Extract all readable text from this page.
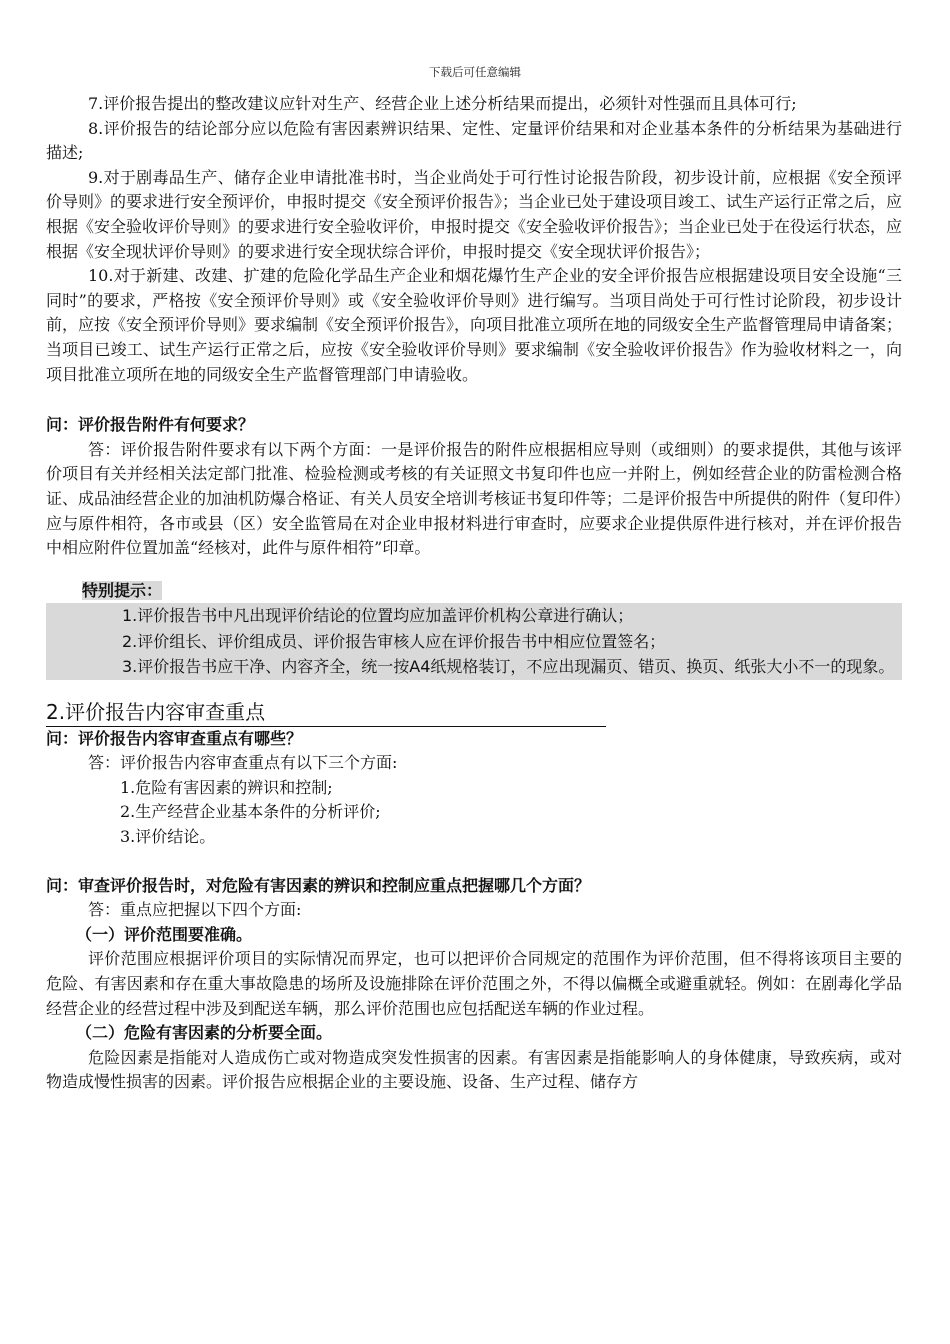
下载后可任意编辑

7.评价报告提出的整改建议应针对生产、经营企业上述分析结果而提出，必须针对性强而且具体可行;

8.评价报告的结论部分应以危险有害因素辨识结果、定性、定量评价结果和对企业基本条件的分析结果为基础进行描述;

9.对于剧毒品生产、储存企业申请批准书时，当企业尚处于可行性讨论报告阶段，初步设计前，应根据《安全预评价导则》的要求进行安全预评价，申报时提交《安全预评价报告》；当企业已处于建设项目竣工、试生产运行正常之后，应根据《安全验收评价导则》的要求进行安全验收评价，申报时提交《安全验收评价报告》；当企业已处于在役运行状态，应根据《安全现状评价导则》的要求进行安全现状综合评价，申报时提交《安全现状评价报告》；

10.对于新建、改建、扩建的危险化学品生产企业和烟花爆竹生产企业的安全评价报告应根据建设项目安全设施“三同时”的要求，严格按《安全预评价导则》或《安全验收评价导则》进行编写。当项目尚处于可行性讨论阶段，初步设计前，应按《安全预评价导则》要求编制《安全预评价报告》，向项目批准立项所在地的同级安全生产监督管理局申请备案；当项目已竣工、试生产运行正常之后，应按《安全验收评价导则》要求编制《安全验收评价报告》作为验收材料之一，向项目批准立项所在地的同级安全生产监督管理部门申请验收。

问：评价报告附件有何要求？

答：评价报告附件要求有以下两个方面：一是评价报告的附件应根据相应导则（或细则）的要求提供，其他与该评价项目有关并经相关法定部门批准、检验检测或考核的有关证照文书复印件也应一并附上，例如经营企业的防雷检测合格证、成品油经营企业的加油机防爆合格证、有关人员安全培训考核证书复印件等；二是评价报告中所提供的附件（复印件）应与原件相符，各市或县（区）安全监管局在对企业申报材料进行审查时，应要求企业提供原件进行核对，并在评价报告中相应附件位置加盖“经核对，此件与原件相符”印章。

特别提示：
1.评价报告书中凡出现评价结论的位置均应加盖评价机构公章进行确认；
2.评价组长、评价组成员、评价报告审核人应在评价报告书中相应位置签名；
3.评价报告书应干净、内容齐全，统一按A4纸规格装订，不应出现漏页、错页、换页、纸张大小不一的现象。
2.评价报告内容审查重点

问：评价报告内容审查重点有哪些？

答：评价报告内容审查重点有以下三个方面:

1.危险有害因素的辨识和控制;

2.生产经营企业基本条件的分析评价;

3.评价结论。

问：审查评价报告时，对危险有害因素的辨识和控制应重点把握哪几个方面？

答：重点应把握以下四个方面:

（一）评价范围要准确。

评价范围应根据评价项目的实际情况而界定，也可以把评价合同规定的范围作为评价范围，但不得将该项目主要的危险、有害因素和存在重大事故隐患的场所及设施排除在评价范围之外，不得以偏概全或避重就轻。例如：在剧毒化学品经营企业的经营过程中涉及到配送车辆，那么评价范围也应包括配送车辆的作业过程。

（二）危险有害因素的分析要全面。

危险因素是指能对人造成伤亡或对物造成突发性损害的因素。有害因素是指能影响人的身体健康，导致疾病，或对物造成慢性损害的因素。评价报告应根据企业的主要设施、设备、生产过程、储存方
